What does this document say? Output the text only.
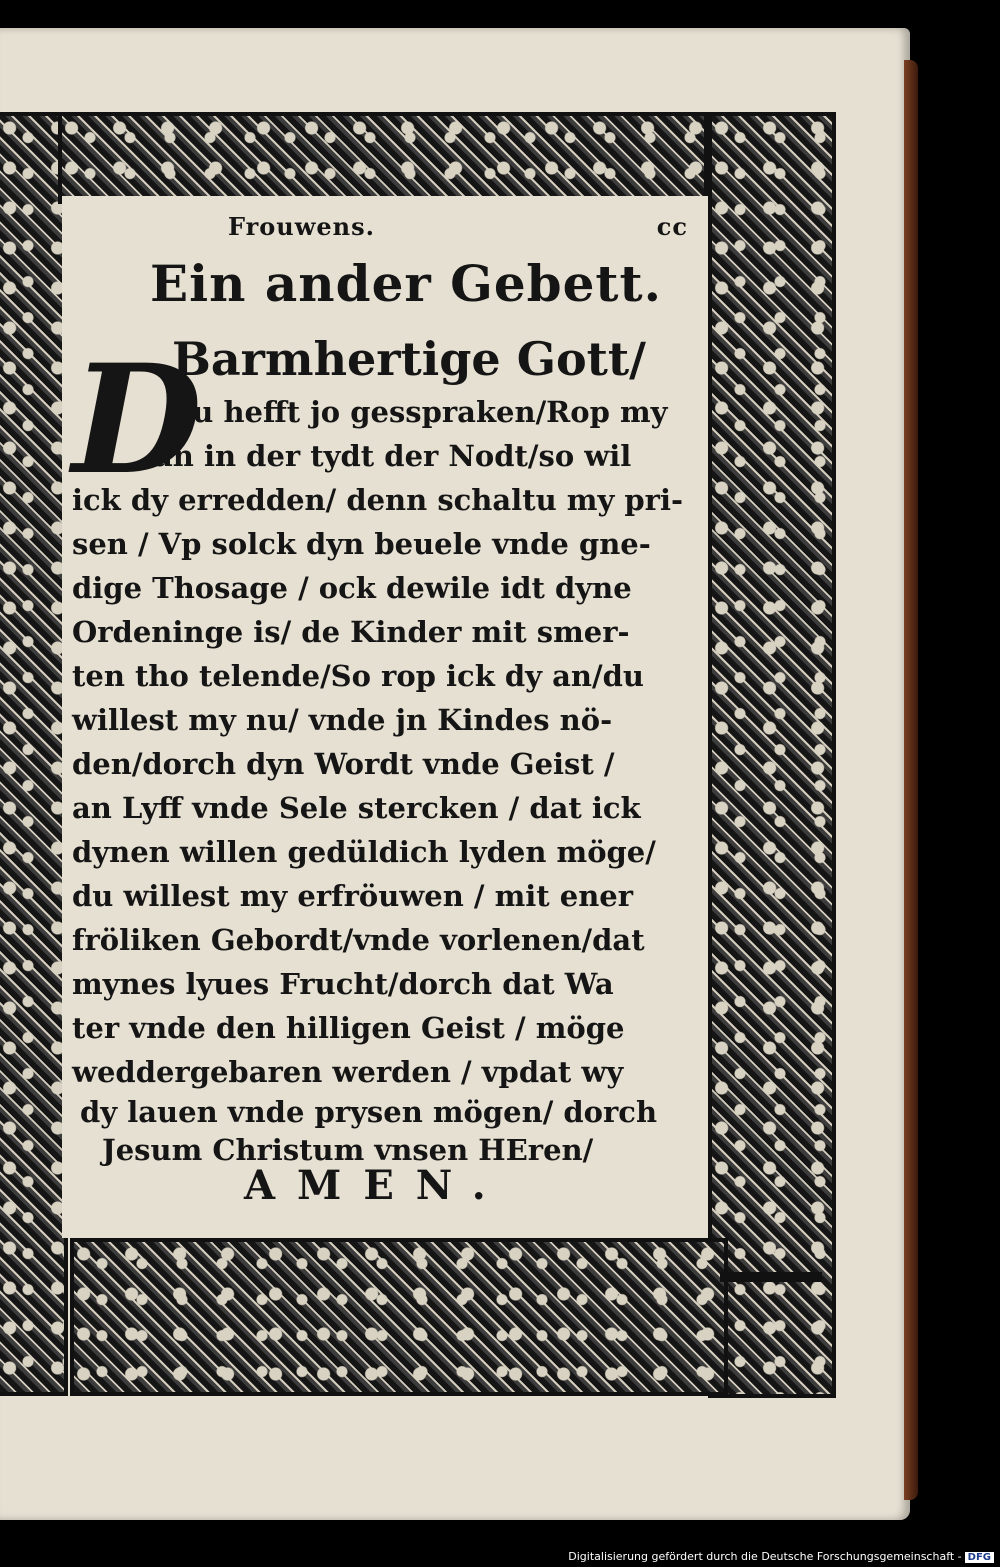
Frouwens.	cc
Ein ander Gebett.
D
Barmhertige Gott/
du hefft jo gesspraken/Rop my
an in der tydt der Nodt/so wil
ick dy erredden/ denn schaltu my pri-
sen / Vp solck dyn beuele vnde gne-
dige Thosage / ock dewile idt dyne
Ordeninge is/ de Kinder mit smer-
ten tho telende/So rop ick dy an/du
willest my nu/ vnde jn Kindes nö-
den/dorch dyn Wordt vnde Geist /
an Lyff vnde Sele stercken / dat ick
dynen willen gedüldich lyden möge/
du willest my erfröuwen / mit ener
fröliken Gebordt/vnde vorlenen/dat
mynes lyues Frucht/dorch dat Wa
ter vnde den hilligen Geist / möge
weddergebaren werden / vpdat wy
dy lauen vnde prysen mögen/ dorch
Jesum Christum vnsen HEren/
AMEN.
Digitalisierung gefördert durch die Deutsche Forschungsgemeinschaft - DFG
